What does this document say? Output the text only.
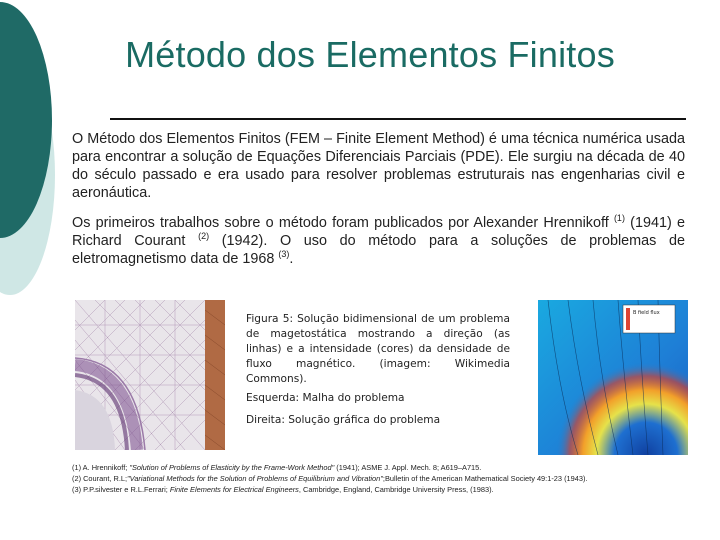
Método dos Elementos Finitos
O Método dos Elementos Finitos (FEM – Finite Element Method) é uma técnica numérica usada para encontrar a solução de Equações Diferenciais Parciais (PDE). Ele surgiu na década de 40 do século passado e era usado para resolver problemas estruturais nas engenharias civil e aeronáutica.
Os primeiros trabalhos sobre o método foram publicados por Alexander Hrennikoff $^{(1)}$ (1941) e Richard Courant $^{(2)}$ (1942). O uso do método para a soluções de problemas de eletromagnetismo data de 1968 $^{(3)}$.
B field flux
Figura 5: Solução bidimensional de um problema de magetostática mostrando a direção (as linhas) e a intensidade (cores) da densidade de fluxo magnético. (imagem: Wikimedia Commons).
Esquerda: Malha do problema
Direita: Solução gráfica do problema
(1) A. Hrennikoff; "Solution of Problems of Elasticity by the Frame-Work Method" (1941); ASME J. Appl. Mech. 8; A619–A715.
(2) Courant, R.L;"Variational Methods for the Solution of Problems of Equilibrium and Vibration";Bulletin of the American Mathematical Society 49:1-23 (1943).
(3) P.P.silvester e R.L.Ferrari; Finite Elements for Electrical Engineers, Cambridge, England, Cambridge University Press, (1983).
